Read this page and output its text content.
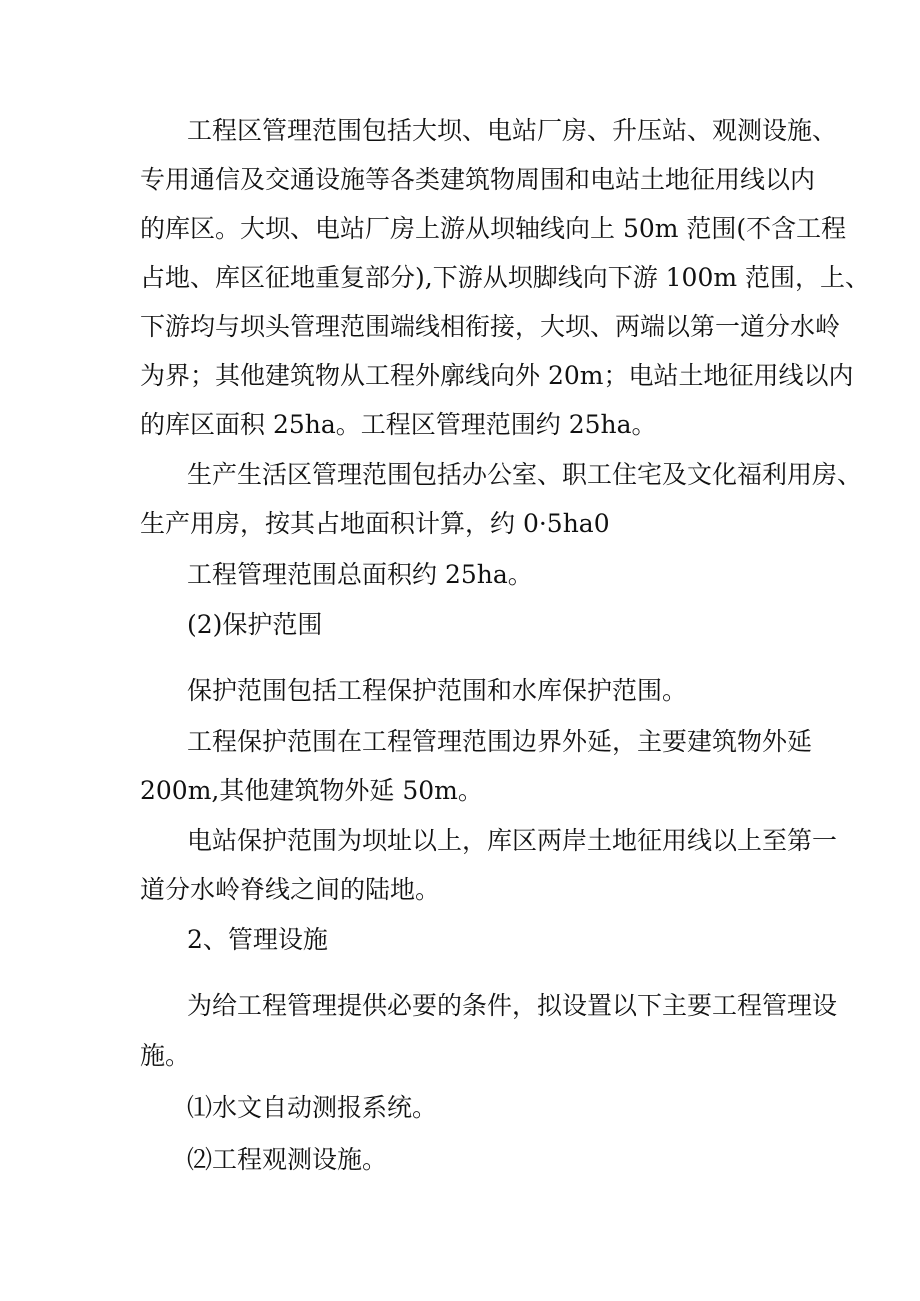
工程区管理范围包括大坝、电站厂房、升压站、观测设施、
专用通信及交通设施等各类建筑物周围和电站土地征用线以内
的库区。大坝、电站厂房上游从坝轴线向上 50m 范围(不含工程
占地、库区征地重复部分),下游从坝脚线向下游 100m 范围，上、
下游均与坝头管理范围端线相衔接，大坝、两端以第一道分水岭
为界；其他建筑物从工程外廓线向外 20m；电站土地征用线以内
的库区面积 25ha。工程区管理范围约 25ha。
生产生活区管理范围包括办公室、职工住宅及文化福利用房、
生产用房，按其占地面积计算，约 0·5ha0
工程管理范围总面积约 25ha。
(2)保护范围
保护范围包括工程保护范围和水库保护范围。
工程保护范围在工程管理范围边界外延，主要建筑物外延
200m,其他建筑物外延 50m。
电站保护范围为坝址以上，库区两岸土地征用线以上至第一
道分水岭脊线之间的陆地。
2、管理设施
为给工程管理提供必要的条件，拟设置以下主要工程管理设
施。
⑴水文自动测报系统。
⑵工程观测设施。
